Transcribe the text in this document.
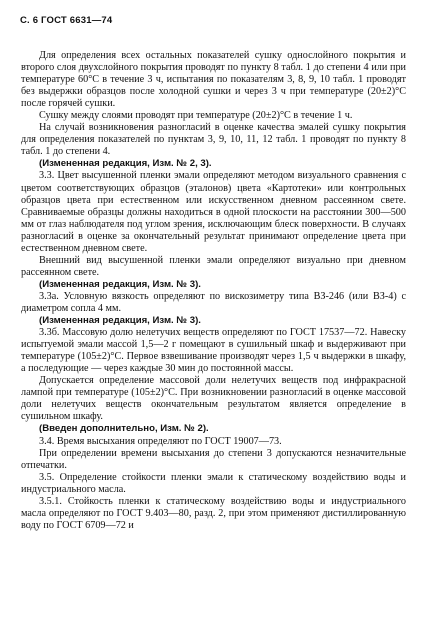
С. 6 ГОСТ 6631—74

Для определения всех остальных показателей сушку однослойного покрытия и второго слоя двухслойного покрытия проводят по пункту 8 табл. 1 до степени 4 или при температуре 60°С в течение 3 ч, испытания по показателям 3, 8, 9, 10 табл. 1 проводят без выдержки образцов после холодной сушки и через 3 ч при температуре (20±2)°С после горячей сушки.

Сушку между слоями проводят при температуре (20±2)°С в течение 1 ч.

На случай возникновения разногласий в оценке качества эмалей сушку покрытия для определения показателей по пунктам 3, 9, 10, 11, 12 табл. 1 проводят по пункту 8 табл. 1 до степени 4.

(Измененная редакция, Изм. № 2, 3).

3.3. Цвет высушенной пленки эмали определяют методом визуального сравнения с цветом соответствующих образцов (эталонов) цвета «Картотеки» или контрольных образцов цвета при естественном или искусственном дневном рассеянном свете. Сравниваемые образцы должны находиться в одной плоскости на расстоянии 300—500 мм от глаз наблюдателя под углом зрения, исключающим блеск поверхности. В случаях разногласий в оценке за окончательный результат принимают определение цвета при естественном дневном свете.

Внешний вид высушенной пленки эмали определяют визуально при дневном рассеянном свете.

(Измененная редакция, Изм. № 3).

3.3а. Условную вязкость определяют по вискозиметру типа ВЗ-246 (или ВЗ-4) с диаметром сопла 4 мм.

(Измененная редакция, Изм. № 3).

3.3б. Массовую долю нелетучих веществ определяют по ГОСТ 17537—72. Навеску испытуемой эмали массой 1,5—2 г помещают в сушильный шкаф и выдерживают при температуре (105±2)°С. Первое взвешивание производят через 1,5 ч выдержки в шкафу, а последующие — через каждые 30 мин до постоянной массы.

Допускается определение массовой доли нелетучих веществ под инфракрасной лампой при температуре (105±2)°С. При возникновении разногласий в оценке массовой доли нелетучих веществ окончательным результатом является определение в сушильном шкафу.

(Введен дополнительно, Изм. № 2).

3.4. Время высыхания определяют по ГОСТ 19007—73.

При определении времени высыхания до степени 3 допускаются незначительные отпечатки.

3.5. Определение стойкости пленки эмали к статическому воздействию воды и индустриального масла.

3.5.1. Стойкость пленки к статическому воздействию воды и индустриального масла определяют по ГОСТ 9.403—80, разд. 2, при этом применяют дистиллированную воду по ГОСТ 6709—72 и
